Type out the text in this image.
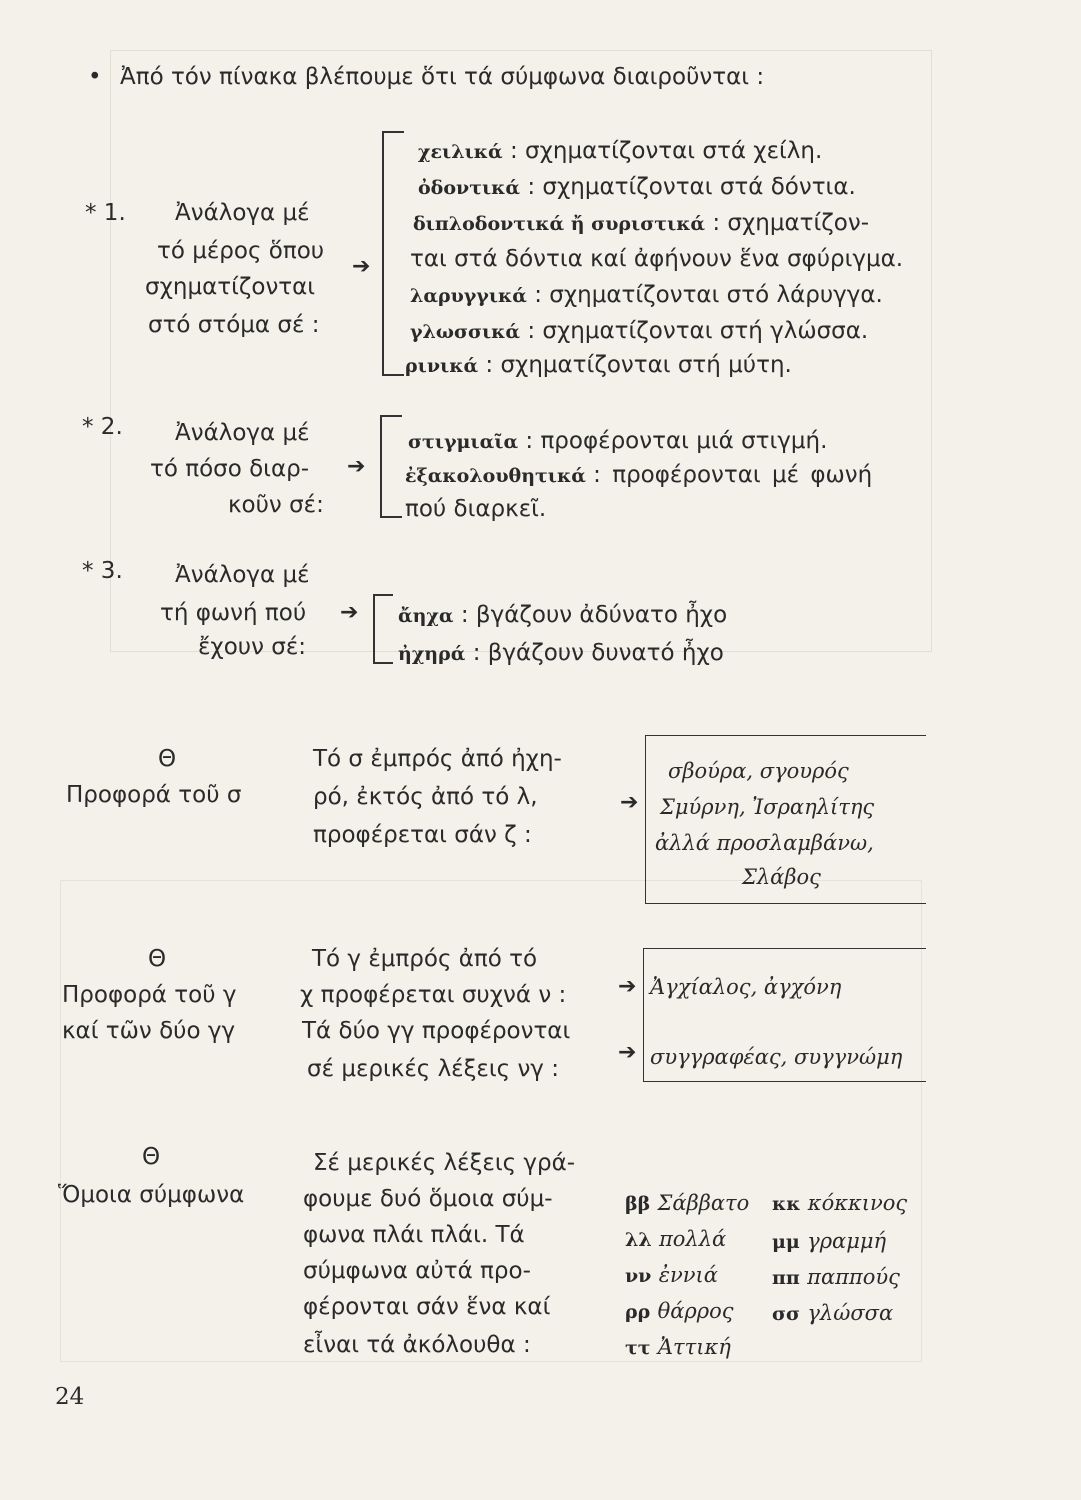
• Ἀπό τόν πίνακα βλέπουμε ὅτι τά σύμφωνα διαιροῦνται :
* 1. Ἀνάλογα μέ
τό μέρος ὅπου
σχηματίζονται
στό στόμα σέ :
➔
χειλικά : σχηματίζονται στά χείλη.
ὀδοντικά : σχηματίζονται στά δόντια.
διπλοδοντικά ἤ συριστικά : σχηματίζον-
ται στά δόντια καί ἀφήνουν ἕνα σφύριγμα.
λαρυγγικά : σχηματίζονται στό λάρυγγα.
γλωσσικά : σχηματίζονται στή γλώσσα.
ρινικά : σχηματίζονται στή μύτη.
* 2. Ἀνάλογα μέ
τό πόσο διαρ-
κοῦν σέ:
➔
στιγμιαῖα : προφέρονται μιά στιγμή.
ἐξακολουθητικά : προφέρονται μέ φωνή
πού διαρκεῖ.
* 3. Ἀνάλογα μέ
τή φωνή πού
ἔχουν σέ:
➔ ἄηχα : βγάζουν ἀδύνατο ἦχο
ἠχηρά : βγάζουν δυνατό ἦχο
Θ
Προφορά τοῦ σ
Τό σ ἐμπρός ἀπό ἠχη-
ρό, ἐκτός ἀπό τό λ,
προφέρεται σάν ζ :
➔
σβούρα, σγουρός
Σμύρνη, Ἰσραηλίτης
ἀλλά προσλαμβάνω,
Σλάβος
Θ
Προφορά τοῦ γ
καί τῶν δύο γγ
Τό γ ἐμπρός ἀπό τό
χ προφέρεται συχνά ν :
Τά δύο γγ προφέρονται
σέ μερικές λέξεις νγ :
➔
➔
Ἀγχίαλος, ἀγχόνη
συγγραφέας, συγγνώμη
Θ
Ὅμοια σύμφωνα
Σέ μερικές λέξεις γρά-
φουμε δυό ὅμοια σύμ-
φωνα πλάι πλάι. Τά
σύμφωνα αὐτά προ-
φέρονται σάν ἕνα καί
εἶναι τά ἀκόλουθα :
ββ Σάββατο κκ κόκκινος
λλ πολλά μμ γραμμή
νν ἐννιά	ππ παππούς
ρρ θάρρος σσ γλώσσα
ττ Ἀττική
24
